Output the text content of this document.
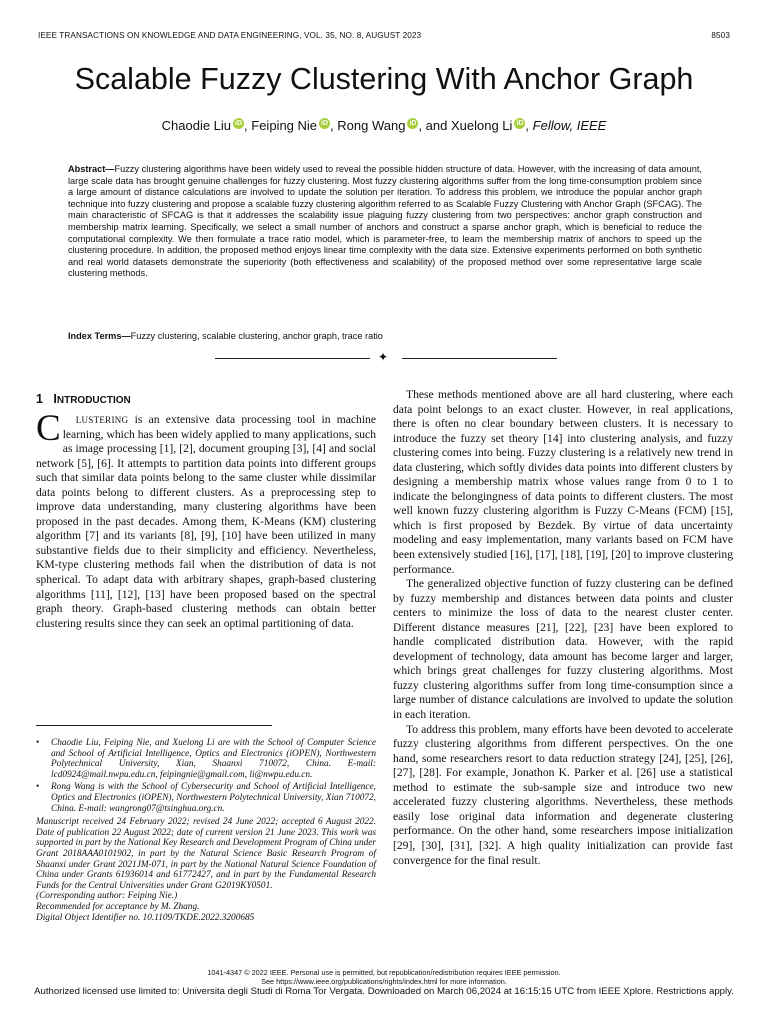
IEEE TRANSACTIONS ON KNOWLEDGE AND DATA ENGINEERING, VOL. 35, NO. 8, AUGUST 2023	8503
Scalable Fuzzy Clustering With Anchor Graph
Chaodie Liu iD , Feiping Nie iD , Rong Wang iD , and Xuelong Li iD , Fellow, IEEE
Abstract—Fuzzy clustering algorithms have been widely used to reveal the possible hidden structure of data. However, with the increasing of data amount, large scale data has brought genuine challenges for fuzzy clustering. Most fuzzy clustering algorithms suffer from the long time-consumption problem since a large amount of distance calculations are involved to update the solution per iteration. To address this problem, we introduce the popular anchor graph technique into fuzzy clustering and propose a scalable fuzzy clustering algorithm referred to as Scalable Fuzzy Clustering with Anchor Graph (SFCAG). The main characteristic of SFCAG is that it addresses the scalability issue plaguing fuzzy clustering from two perspectives: anchor graph construction and membership matrix learning. Specifically, we select a small number of anchors and construct a sparse anchor graph, which is beneficial to reduce the computational complexity. We then formulate a trace ratio model, which is parameter-free, to learn the membership matrix of anchors to speed up the clustering procedure. In addition, the proposed method enjoys linear time complexity with the data size. Extensive experiments performed on both synthetic and real world datasets demonstrate the superiority (both effectiveness and scalability) of the proposed method over some representative large scale clustering methods.
Index Terms—Fuzzy clustering, scalable clustering, anchor graph, trace ratio
✦
1 INTRODUCTION

C LUSTERING is an extensive data processing tool in machine learning, which has been widely applied to many applications, such as image processing [1], [2], document grouping [3], [4] and social network [5], [6]. It attempts to partition data points into different groups such that similar data points belong to the same cluster while dissimilar data points belong to different clusters. As a preprocessing step to improve data understanding, many clustering algorithms have been proposed in the past decades. Among them, K-Means (KM) clustering algorithm [7] and its variants [8], [9], [10] have been utilized in many substantive fields due to their simplicity and efficiency. Nevertheless, KM-type clustering methods fail when the distribution of data is not spherical. To adapt data with arbitrary shapes, graph-based clustering algorithms [11], [12], [13] have been proposed based on the spectral graph theory. Graph-based clustering methods can obtain better clustering results since they can seek an optimal partitioning of data.

• Chaodie Liu, Feiping Nie, and Xuelong Li are with the School of Computer Science and School of Artificial Intelligence, Optics and Electronics (iOPEN), Northwestern Polytechnical University, Xian, Shaanxi 710072, China. E-mail: lcd0924@mail.nwpu.edu.cn, feipingnie@gmail.com, li@nwpu.edu.cn.
• Rong Wang is with the School of Cybersecurity and School of Artificial Intelligence, Optics and Electronics (iOPEN), Northwestern Polytechnical University, Xian 710072, China. E-mail: wangrong07@tsinghua.org.cn.
Manuscript received 24 February 2022; revised 24 June 2022; accepted 6 August 2022. Date of publication 22 August 2022; date of current version 21 June 2023. This work was supported in part by the National Key Research and Development Program of China under Grant 2018AAA0101902, in part by the Natural Science Basic Research Program of Shaanxi under Grant 2021JM-071, in part by the National Natural Science Foundation of China under Grants 61936014 and 61772427, and in part by the Fundamental Research Funds for the Central Universities under Grant G2019KY0501.
(Corresponding author: Feiping Nie.)
Recommended for acceptance by M. Zhang.
Digital Object Identifier no. 10.1109/TKDE.2022.3200685

These methods mentioned above are all hard clustering, where each data point belongs to an exact cluster. However, in real applications, there is often no clear boundary between clusters. It is necessary to introduce the fuzzy set theory [14] into clustering analysis, and fuzzy clustering comes into being. Fuzzy clustering is a relatively new trend in data clustering, which softly divides data points into different clusters by designing a membership matrix whose values range from 0 to 1 to indicate the belongingness of data points to different clusters. The most well known fuzzy clustering algorithm is Fuzzy C-Means (FCM) [15], which is first proposed by Bezdek. By virtue of data uncertainty modeling and easy implementation, many variants based on FCM have been extensively studied [16], [17], [18], [19], [20] to improve clustering performance.

The generalized objective function of fuzzy clustering can be defined by fuzzy membership and distances between data points and cluster centers to minimize the loss of data to the nearest cluster center. Different distance measures [21], [22], [23] have been explored to handle complicated distribution data. However, with the rapid development of technology, data amount has become larger and larger, which brings great challenges for fuzzy clustering algorithms. Most fuzzy clustering algorithms suffer from long time-consumption since a large number of distance calculations are involved to update the solution in each iteration.

To address this problem, many efforts have been devoted to accelerate fuzzy clustering algorithms from different perspectives. On the one hand, some researchers resort to data reduction strategy [24], [25], [26], [27], [28]. For example, Jonathon K. Parker et al. [26] use a statistical method to estimate the sub-sample size and introduce two new accelerated fuzzy clustering algorithms. Nevertheless, these methods easily lose original data information and degenerate clustering performance. On the other hand, some researchers impose initialization [29], [30], [31], [32]. A high quality initialization can provide fast convergence for the final result.

1041-4347 © 2022 IEEE. Personal use is permitted, but republication/redistribution requires IEEE permission.
See https://www.ieee.org/publications/rights/index.html for more information.
Authorized licensed use limited to: Universita degli Studi di Roma Tor Vergata. Downloaded on March 06,2024 at 16:15:15 UTC from IEEE Xplore. Restrictions apply.
